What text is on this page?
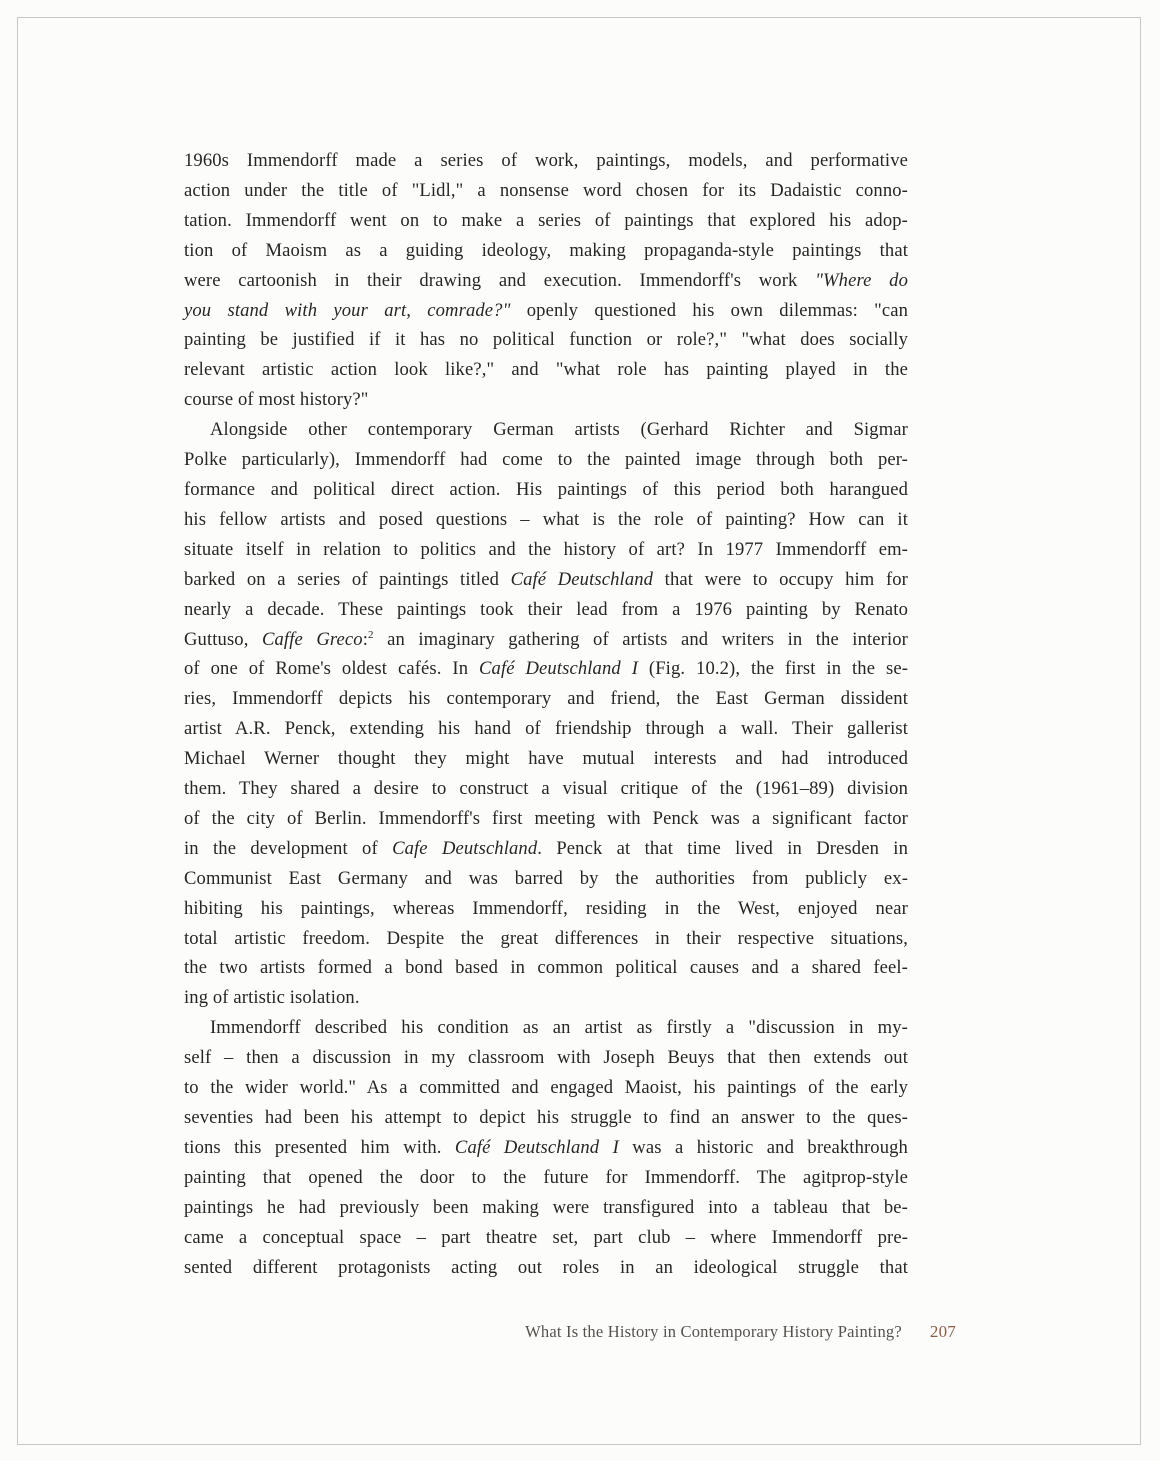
1960s Immendorff made a series of work, paintings, models, and performative
action under the title of "Lidl," a nonsense word chosen for its Dadaistic conno-
tation. Immendorff went on to make a series of paintings that explored his adop-
tion of Maoism as a guiding ideology, making propaganda-style paintings that
were cartoonish in their drawing and execution. Immendorff's work "Where do
you stand with your art, comrade?" openly questioned his own dilemmas: "can
painting be justified if it has no political function or role?," "what does socially
relevant artistic action look like?," and "what role has painting played in the
course of most history?"
Alongside other contemporary German artists (Gerhard Richter and Sigmar
Polke particularly), Immendorff had come to the painted image through both per-
formance and political direct action. His paintings of this period both harangued
his fellow artists and posed questions – what is the role of painting? How can it
situate itself in relation to politics and the history of art? In 1977 Immendorff em-
barked on a series of paintings titled Café Deutschland that were to occupy him for
nearly a decade. These paintings took their lead from a 1976 painting by Renato
Guttuso, Caffe Greco:$^2$ an imaginary gathering of artists and writers in the interior
of one of Rome's oldest cafés. In Café Deutschland I (Fig. 10.2), the first in the se-
ries, Immendorff depicts his contemporary and friend, the East German dissident
artist A.R. Penck, extending his hand of friendship through a wall. Their gallerist
Michael Werner thought they might have mutual interests and had introduced
them. They shared a desire to construct a visual critique of the (1961–89) division
of the city of Berlin. Immendorff's first meeting with Penck was a significant factor
in the development of Cafe Deutschland. Penck at that time lived in Dresden in
Communist East Germany and was barred by the authorities from publicly ex-
hibiting his paintings, whereas Immendorff, residing in the West, enjoyed near
total artistic freedom. Despite the great differences in their respective situations,
the two artists formed a bond based in common political causes and a shared feel-
ing of artistic isolation.
Immendorff described his condition as an artist as firstly a "discussion in my-
self – then a discussion in my classroom with Joseph Beuys that then extends out
to the wider world." As a committed and engaged Maoist, his paintings of the early
seventies had been his attempt to depict his struggle to find an answer to the ques-
tions this presented him with. Café Deutschland I was a historic and breakthrough
painting that opened the door to the future for Immendorff. The agitprop-style
paintings he had previously been making were transfigured into a tableau that be-
came a conceptual space – part theatre set, part club – where Immendorff pre-
sented different protagonists acting out roles in an ideological struggle that
What Is the History in Contemporary History Painting? 207
